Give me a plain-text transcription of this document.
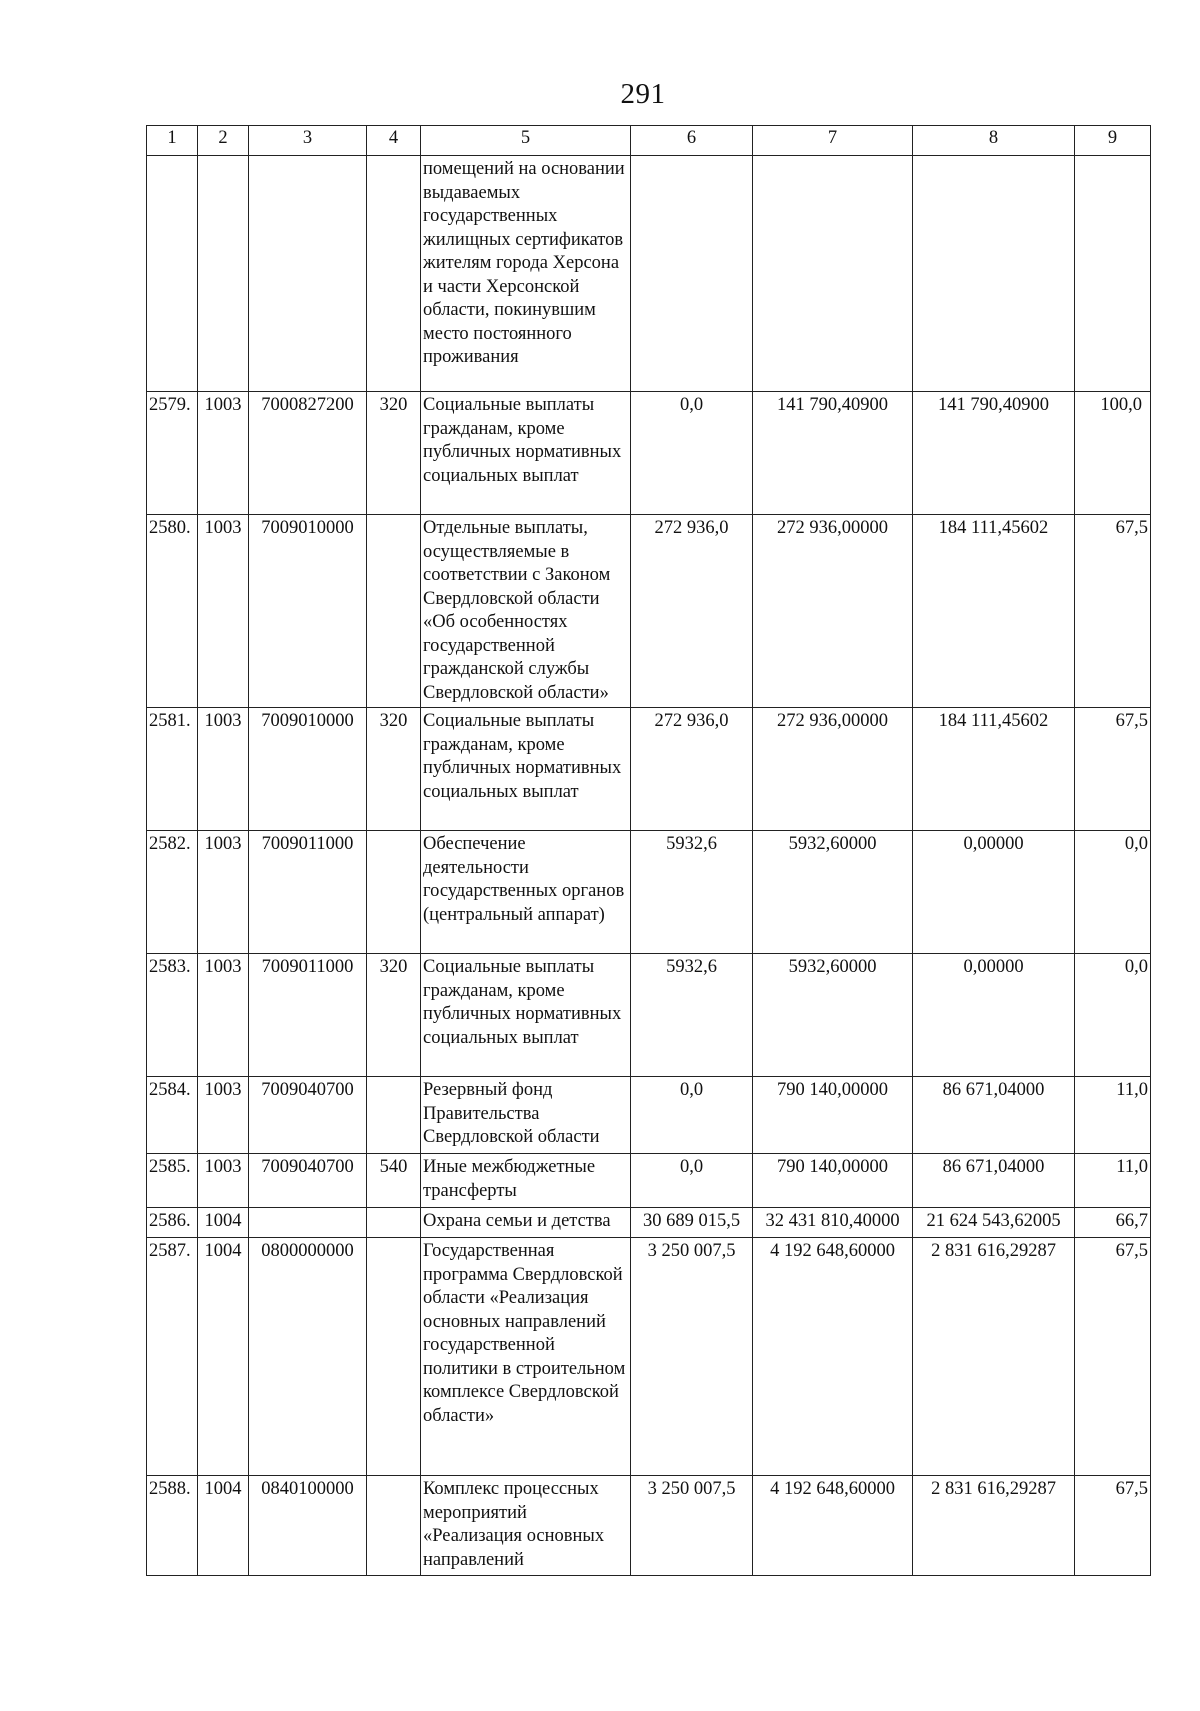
291
1	2	3	4	5	6	7	8	9
				помещений на основании выдаваемых государственных жилищных сертификатов жителям города Херсона и части Херсонской области, покинувшим место постоянного проживания				
2579.	1003	7000827200	320	Социальные выплаты гражданам, кроме публичных нормативных социальных выплат	0,0	141 790,40900	141 790,40900	100,0
2580.	1003	7009010000		Отдельные выплаты, осуществляемые в соответствии с Законом Свердловской области «Об особенностях государственной гражданской службы Свердловской области»	272 936,0	272 936,00000	184 111,45602	67,5
2581.	1003	7009010000	320	Социальные выплаты гражданам, кроме публичных нормативных социальных выплат	272 936,0	272 936,00000	184 111,45602	67,5
2582.	1003	7009011000		Обеспечение деятельности государственных органов (центральный аппарат)	5932,6	5932,60000	0,00000	0,0
2583.	1003	7009011000	320	Социальные выплаты гражданам, кроме публичных нормативных социальных выплат	5932,6	5932,60000	0,00000	0,0
2584.	1003	7009040700		Резервный фонд Правительства Свердловской области	0,0	790 140,00000	86 671,04000	11,0
2585.	1003	7009040700	540	Иные межбюджетные трансферты	0,0	790 140,00000	86 671,04000	11,0
2586.	1004			Охрана семьи и детства	30 689 015,5	32 431 810,40000	21 624 543,62005	66,7
2587.	1004	0800000000		Государственная программа Свердловской области «Реализация основных направлений государственной политики в строительном комплексе Свердловской области»	3 250 007,5	4 192 648,60000	2 831 616,29287	67,5
2588.	1004	0840100000		Комплекс процессных мероприятий «Реализация основных направлений	3 250 007,5	4 192 648,60000	2 831 616,29287	67,5
